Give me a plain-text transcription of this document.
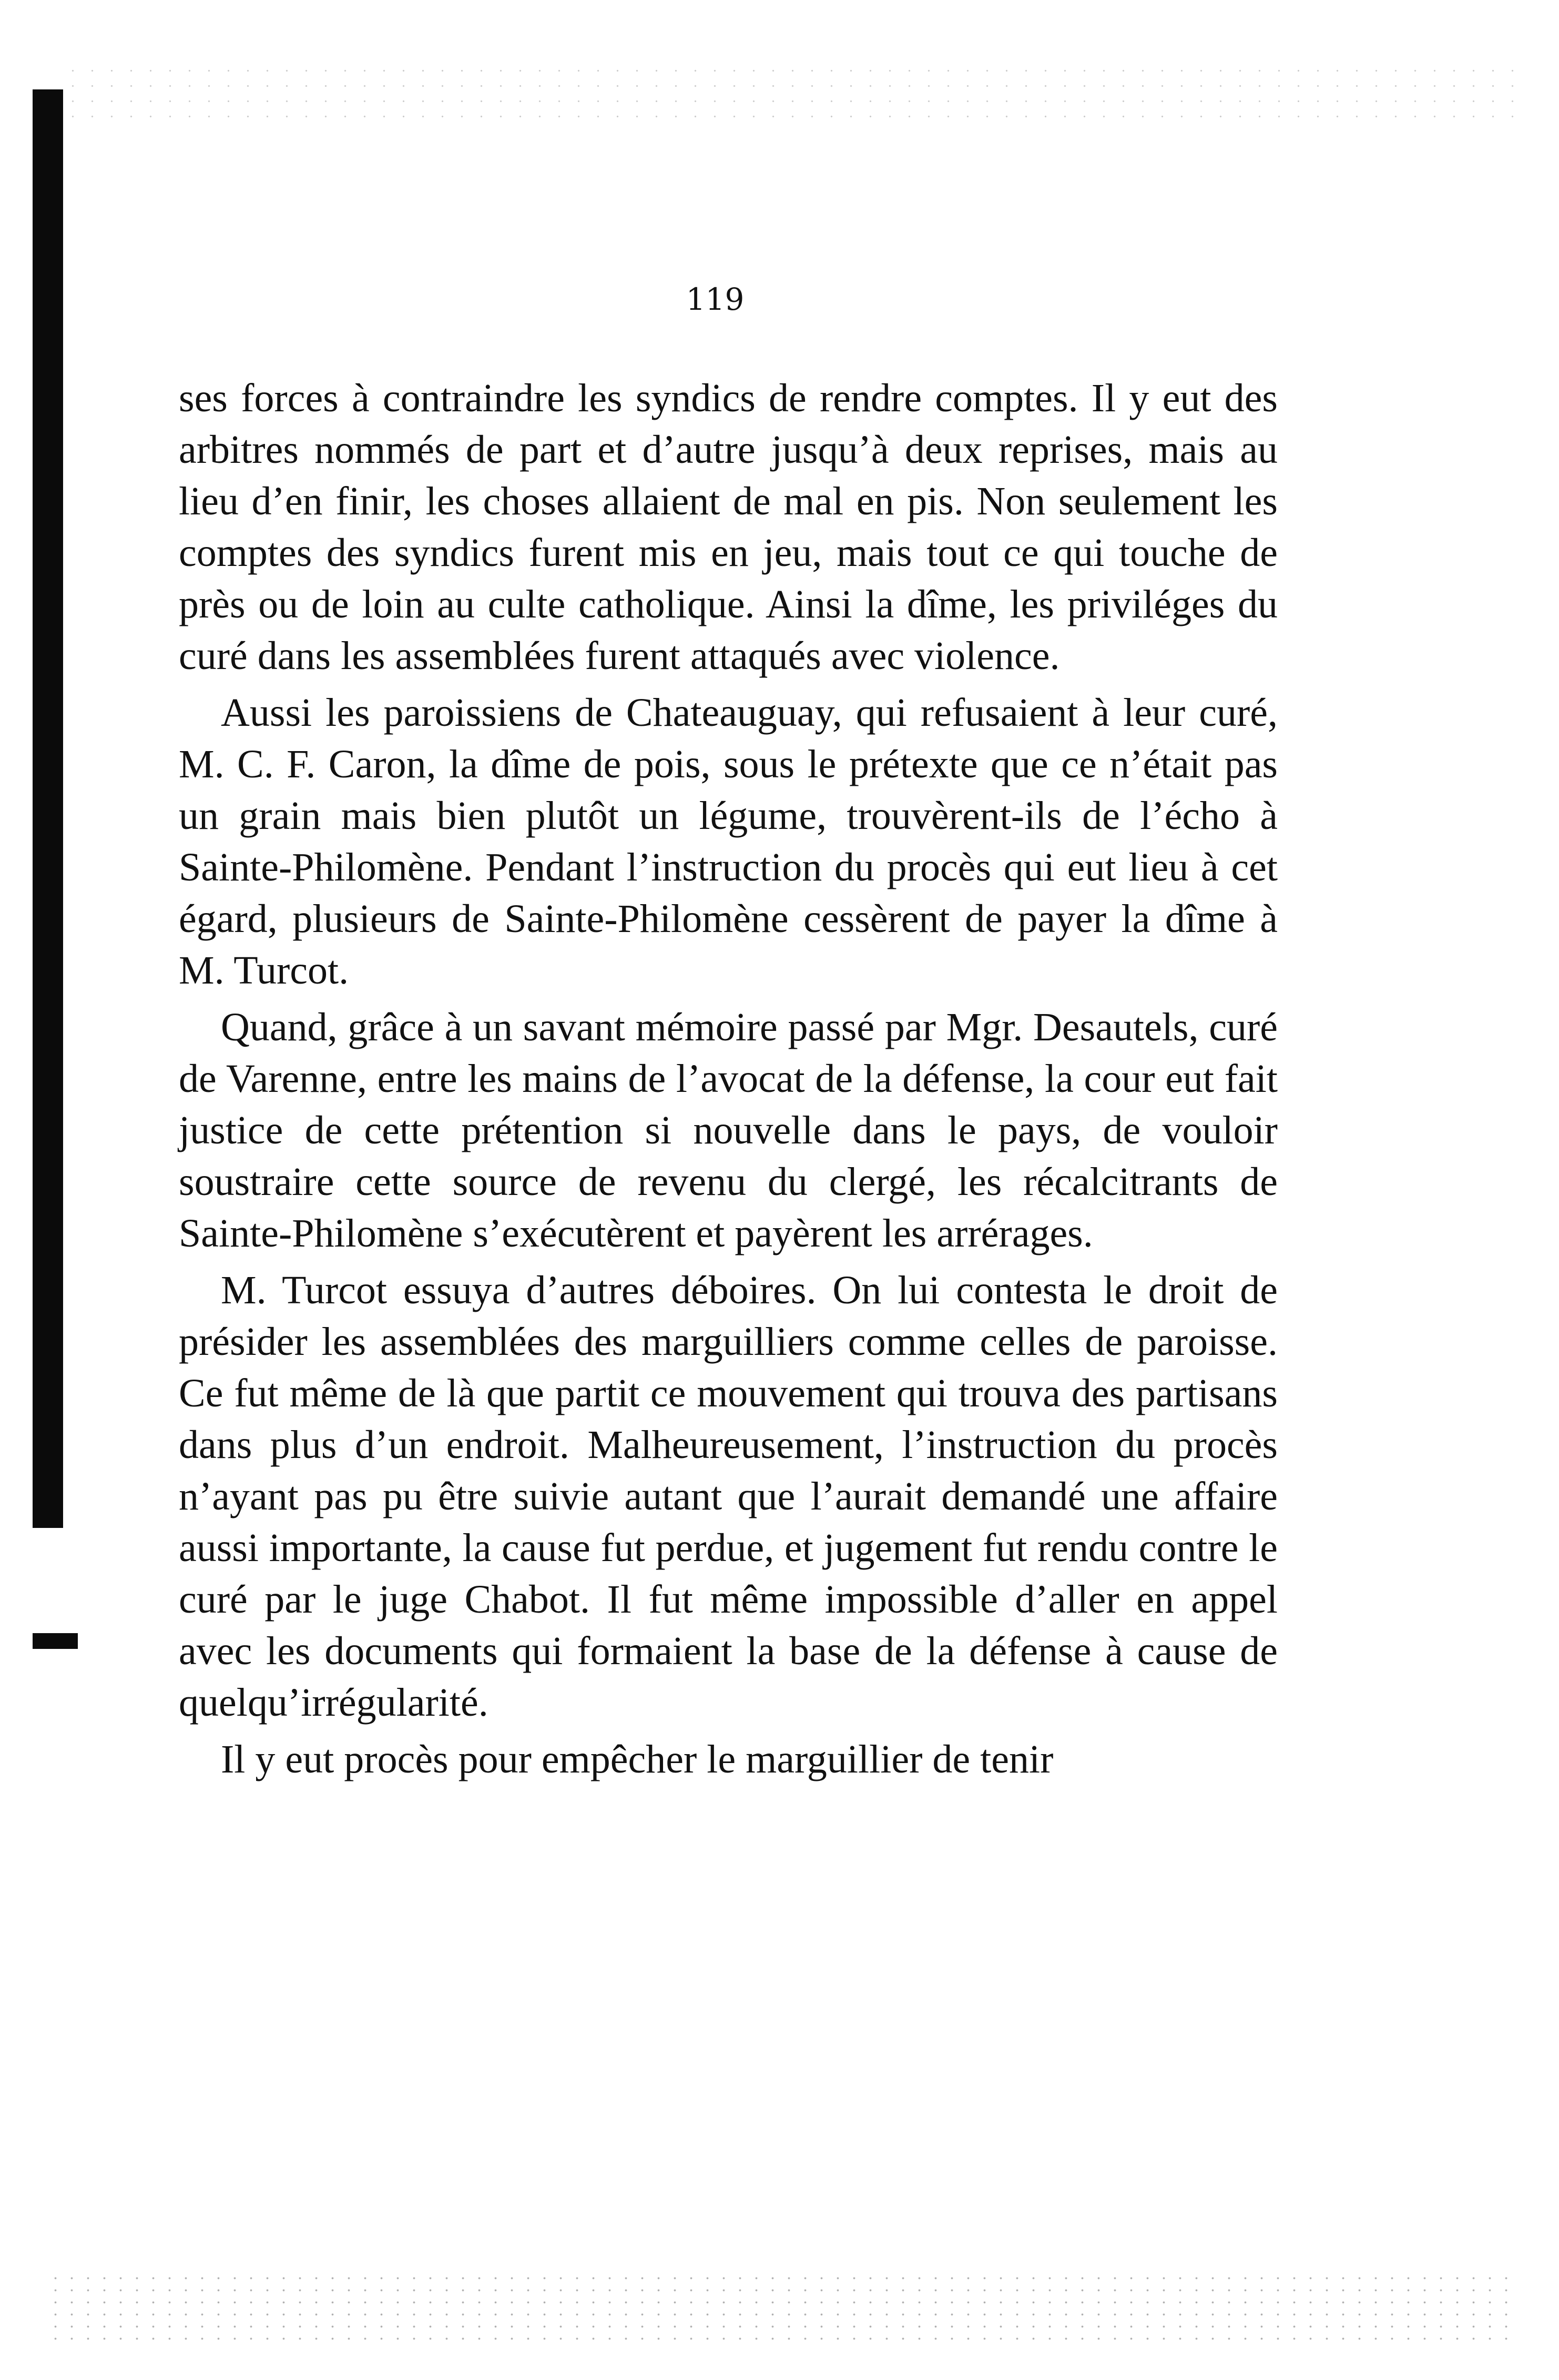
119

ses forces à contraindre les syndics de rendre comptes. Il y eut des arbitres nommés de part et d’autre jusqu’à deux reprises, mais au lieu d’en finir, les choses allaient de mal en pis. Non seulement les comptes des syndics furent mis en jeu, mais tout ce qui touche de près ou de loin au culte catholique. Ainsi la dîme, les priviléges du curé dans les assemblées furent attaqués avec violence.

Aussi les paroissiens de Chateauguay, qui refusaient à leur curé, M. C. F. Caron, la dîme de pois, sous le prétexte que ce n’était pas un grain mais bien plutôt un légume, trouvèrent-ils de l’écho à Sainte-Philomène. Pendant l’instruction du procès qui eut lieu à cet égard, plusieurs de Sainte-Philomène cessèrent de payer la dîme à M. Turcot.

Quand, grâce à un savant mémoire passé par Mgr. Desautels, curé de Varenne, entre les mains de l’avocat de la défense, la cour eut fait justice de cette prétention si nouvelle dans le pays, de vouloir soustraire cette source de revenu du clergé, les récalcitrants de Sainte-Philomène s’exécutèrent et payèrent les arrérages.

M. Turcot essuya d’autres déboires. On lui contesta le droit de présider les assemblées des marguilliers comme celles de paroisse. Ce fut même de là que partit ce mouvement qui trouva des partisans dans plus d’un endroit. Malheureusement, l’instruction du procès n’ayant pas pu être suivie autant que l’aurait demandé une affaire aussi importante, la cause fut perdue, et jugement fut rendu contre le curé par le juge Chabot. Il fut même impossible d’aller en appel avec les documents qui formaient la base de la défense à cause de quelqu’irrégularité.

Il y eut procès pour empêcher le marguillier de tenir
